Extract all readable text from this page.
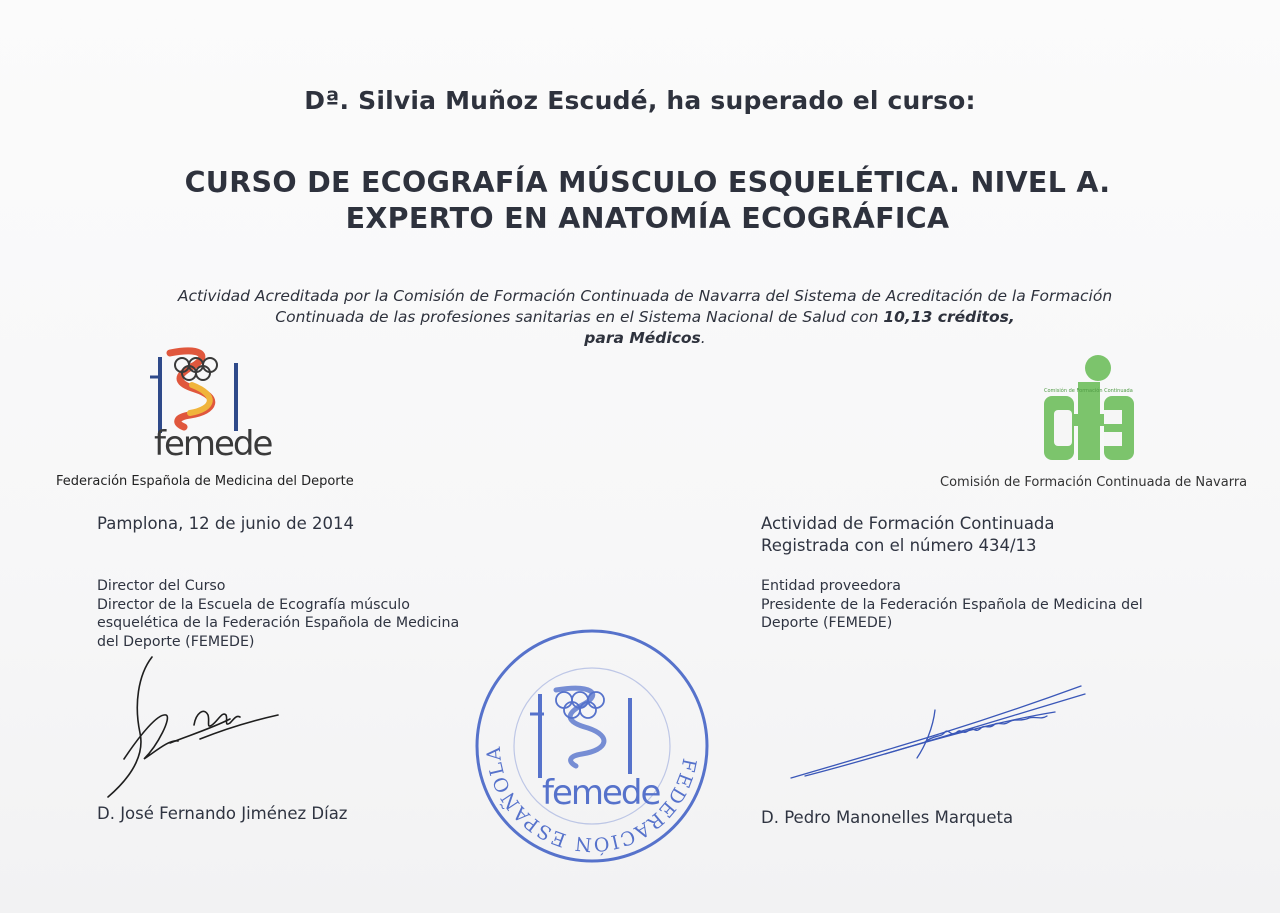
Dª. Silvia Muñoz Escudé, ha superado el curso:
CURSO DE ECOGRAFÍA MÚSCULO ESQUELÉTICA. NIVEL A.
EXPERTO EN ANATOMÍA ECOGRÁFICA
Actividad Acreditada por la Comisión de Formación Continuada de Navarra del Sistema de Acreditación de la Formación Continuada de las profesiones sanitarias en el Sistema Nacional de Salud con 10,13 créditos,
para Médicos.
femede
Federación Española de Medicina del Deporte
Comisión de Formación Continuada
Comisión de Formación Continuada de Navarra
Pamplona, 12 de junio de 2014
Director del Curso
Director de la Escuela de Ecografía músculo
esquelética de la Federación Española de Medicina
del Deporte (FEMEDE)
D. José Fernando Jiménez Díaz
Actividad de Formación Continuada
Registrada con el número 434/13
Entidad proveedora
Presidente de la Federación Española de Medicina del
Deporte (FEMEDE)
D. Pedro Manonelles Marqueta
FEDERACIÓN ESPAÑOLA DE MEDICINA DEL DEPORTE
femede
